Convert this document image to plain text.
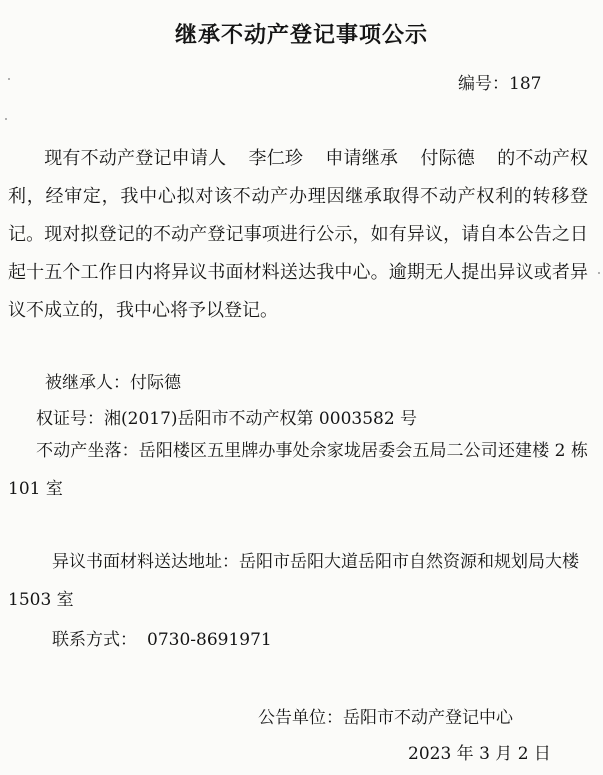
继承不动产登记事项公示
编号：187
现有不动产登记申请人 李仁珍 申请继承 付际德 的不动产权利，经审定，我中心拟对该不动产办理因继承取得不动产权利的转移登记。现对拟登记的不动产登记事项进行公示，如有异议，请自本公告之日起十五个工作日内将异议书面材料送达我中心。逾期无人提出异议或者异议不成立的，我中心将予以登记。
被继承人：付际德
权证号：湘(2017)岳阳市不动产权第 0003582 号
不动产坐落：岳阳楼区五里牌办事处佘家垅居委会五局二公司还建楼 2 栋 101 室
异议书面材料送达地址：岳阳市岳阳大道岳阳市自然资源和规划局大楼 1503 室
联系方式： 0730-8691971
公告单位：岳阳市不动产登记中心
2023 年 3 月 2 日
